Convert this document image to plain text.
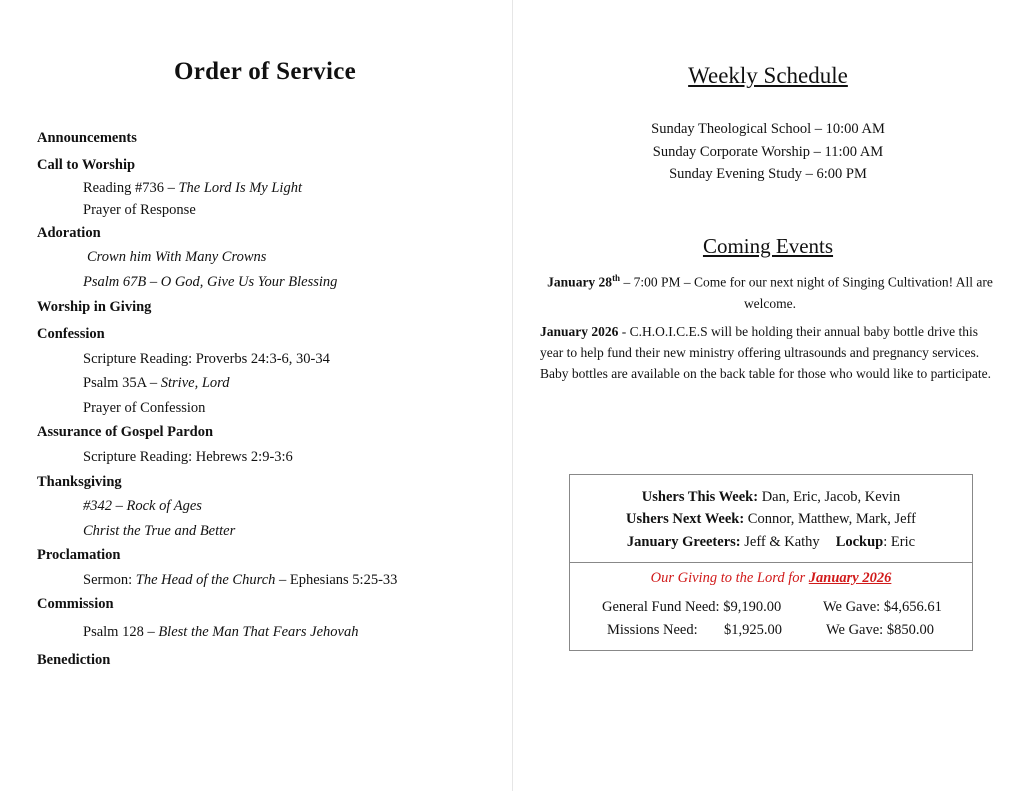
Order of Service
Announcements
Call to Worship
Reading #736 – The Lord Is My Light
Prayer of Response
Adoration
Crown him With Many Crowns
Psalm 67B – O God, Give Us Your Blessing
Worship in Giving
Confession
Scripture Reading: Proverbs 24:3-6, 30-34
Psalm 35A – Strive, Lord
Prayer of Confession
Assurance of Gospel Pardon
Scripture Reading: Hebrews 2:9-3:6
Thanksgiving
#342 – Rock of Ages
Christ the True and Better
Proclamation
Sermon: The Head of the Church – Ephesians 5:25-33
Commission
Psalm 128 – Blest the Man That Fears Jehovah
Benediction
Weekly Schedule
Sunday Theological School – 10:00 AM
Sunday Corporate Worship – 11:00 AM
Sunday Evening Study – 6:00 PM
Coming Events
January 28th – 7:00 PM – Come for our next night of Singing Cultivation! All are welcome.
January 2026 - C.H.O.I.C.E.S will be holding their annual baby bottle drive this year to help fund their new ministry offering ultrasounds and pregnancy services. Baby bottles are available on the back table for those who would like to participate.
Ushers This Week: Dan, Eric, Jacob, Kevin
Ushers Next Week: Connor, Matthew, Mark, Jeff
January Greeters: Jeff & Kathy Lockup: Eric
Our Giving to the Lord for January 2026
General Fund Need: $9,190.00	We Gave: $4,656.61
Missions Need: $1,925.00	We Gave: $850.00
